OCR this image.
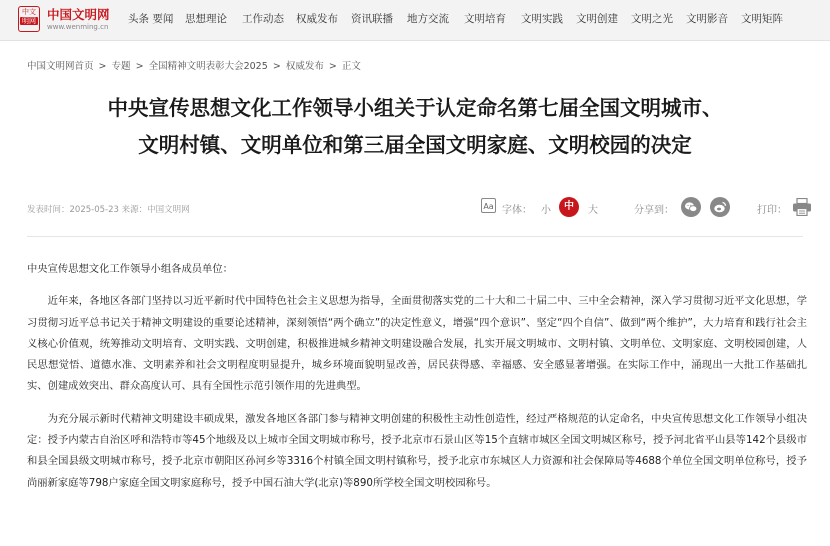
中文
明网 中国文明网
www.wenming.cn
头条 要闻 思想理论 工作动态 权威发布 资讯联播 地方交流 文明培育 文明实践 文明创建 文明之光 文明影音 文明矩阵
中国文明网首页 > 专题 > 全国精神文明表彰大会2025 > 权威发布 > 正文
中央宣传思想文化工作领导小组关于认定命名第七届全国文明城市、
文明村镇、文明单位和第三届全国文明家庭、文明校园的决定
发表时间：2025-05-23 来源：中国文明网	Aa 字体： 小	中	大	分享到：	打印：

中央宣传思想文化工作领导小组各成员单位：

近年来，各地区各部门坚持以习近平新时代中国特色社会主义思想为指导，全面贯彻落实党的二十大和二十届二中、三中全会精神，深入学习贯彻习近平文化思想，学习贯彻习近平总书记关于精神文明建设的重要论述精神，深刻领悟“两个确立”的决定性意义，增强“四个意识”、坚定“四个自信”、做到“两个维护”，大力培育和践行社会主义核心价值观，统筹推动文明培育、文明实践、文明创建，积极推进城乡精神文明建设融合发展，扎实开展文明城市、文明村镇、文明单位、文明家庭、文明校园创建，人民思想觉悟、道德水准、文明素养和社会文明程度明显提升，城乡环境面貌明显改善，居民获得感、幸福感、安全感显著增强。在实际工作中，涌现出一大批工作基础扎实、创建成效突出、群众高度认可、具有全国性示范引领作用的先进典型。

为充分展示新时代精神文明建设丰硕成果，激发各地区各部门参与精神文明创建的积极性主动性创造性，经过严格规范的认定命名，中央宣传思想文化工作领导小组决定：授予内蒙古自治区呼和浩特市等45个地级及以上城市全国文明城市称号，授予北京市石景山区等15个直辖市城区全国文明城区称号，授予河北省平山县等142个县级市和县全国县级文明城市称号，授予北京市朝阳区孙河乡等3316个村镇全国文明村镇称号，授予北京市东城区人力资源和社会保障局等4688个单位全国文明单位称号，授予尚丽新家庭等798户家庭全国文明家庭称号，授予中国石油大学(北京)等890所学校全国文明校园称号。
